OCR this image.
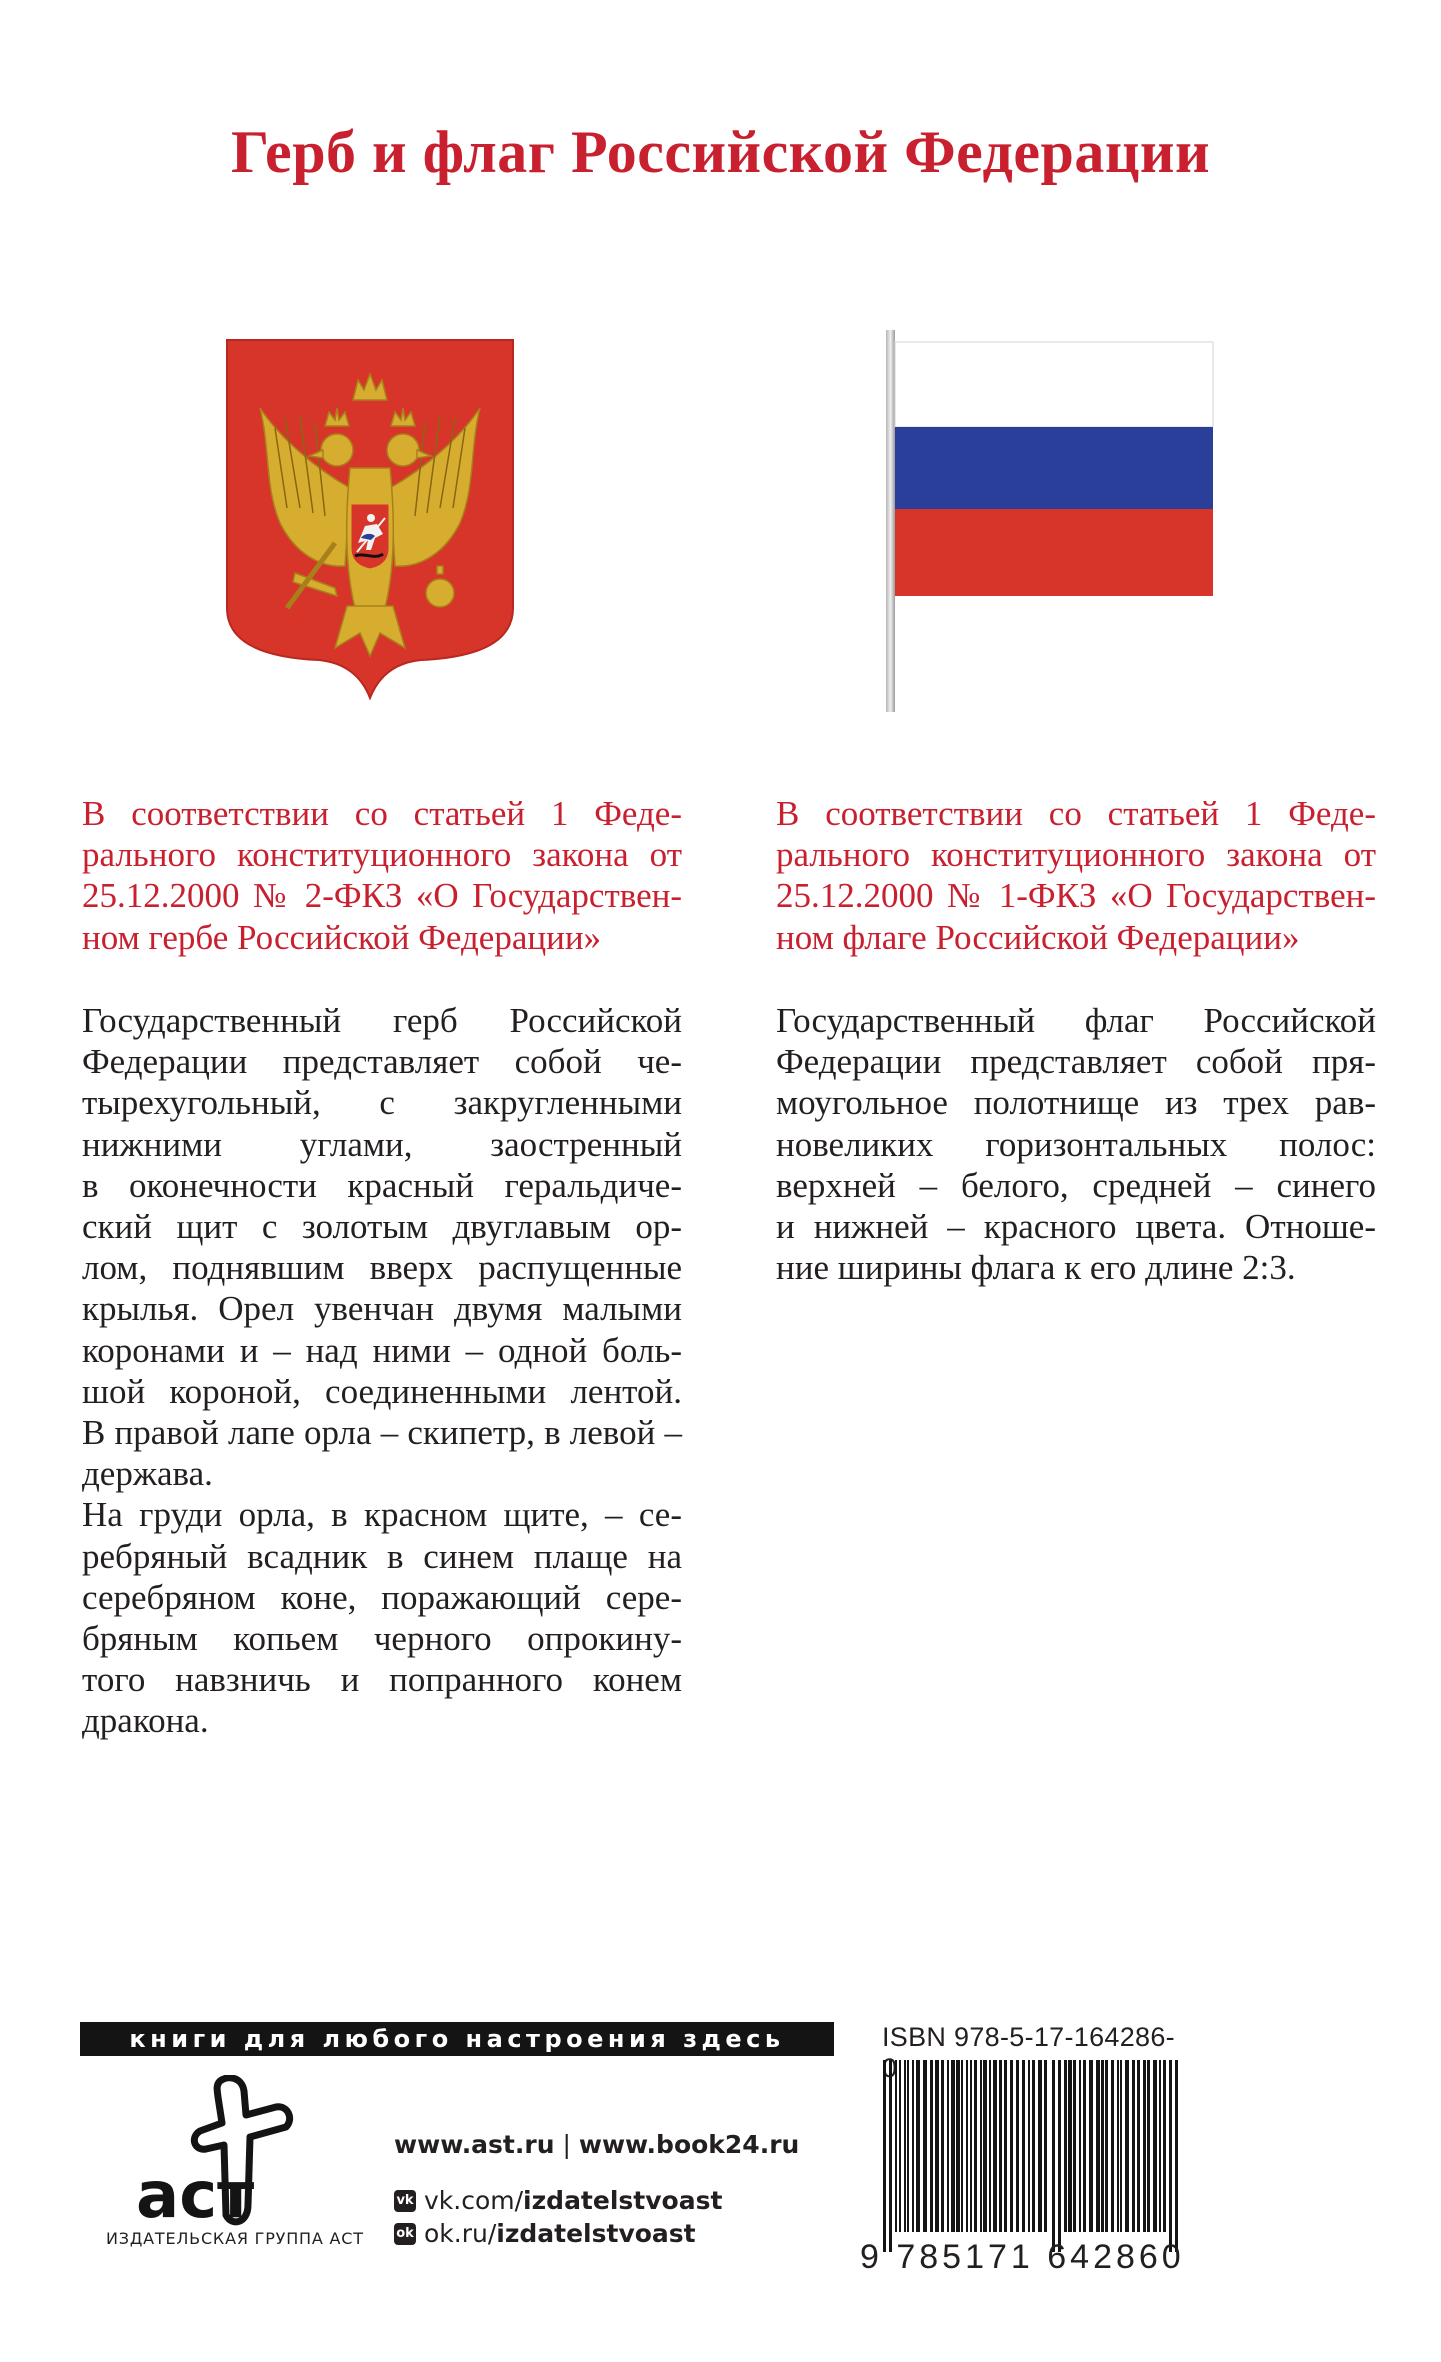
Герб и флаг Российской Федерации
В соответствии со статьей 1 Феде-
рального конституционного закона от
25.12.2000 № 2-ФКЗ «О Государствен-
ном гербе Российской Федерации»
Государственный герб Российской
Федерации представляет собой че-
тырехугольный, с закругленными
нижними углами, заостренный
в оконечности красный геральдиче-
ский щит с золотым двуглавым ор-
лом, поднявшим вверх распущенные
крылья. Орел увенчан двумя малыми
коронами и – над ними – одной боль-
шой короной, соединенными лентой.
В правой лапе орла – скипетр, в левой –
держава.
На груди орла, в красном щите, – се-
ребряный всадник в синем плаще на
серебряном коне, поражающий сере-
бряным копьем черного опрокину-
того навзничь и попранного конем
дракона.
В соответствии со статьей 1 Феде-
рального конституционного закона от
25.12.2000 № 1-ФКЗ «О Государствен-
ном флаге Российской Федерации»
Государственный флаг Российской
Федерации представляет собой пря-
моугольное полотнище из трех рав-
новеликих горизонтальных полос:
верхней – белого, средней – синего
и нижней – красного цвета. Отноше-
ние ширины флага к его длине 2:3.
книги для любого настроения здесь	ISBN 978-5-17-164286-
9 785171 642860
аст
ИЗДАТЕЛЬСКАЯ ГРУППА АСТ
www.ast.ru | www.book24.ru
vk vk.com/izdatelstvoast
ok ok.ru/izdatelstvoast
